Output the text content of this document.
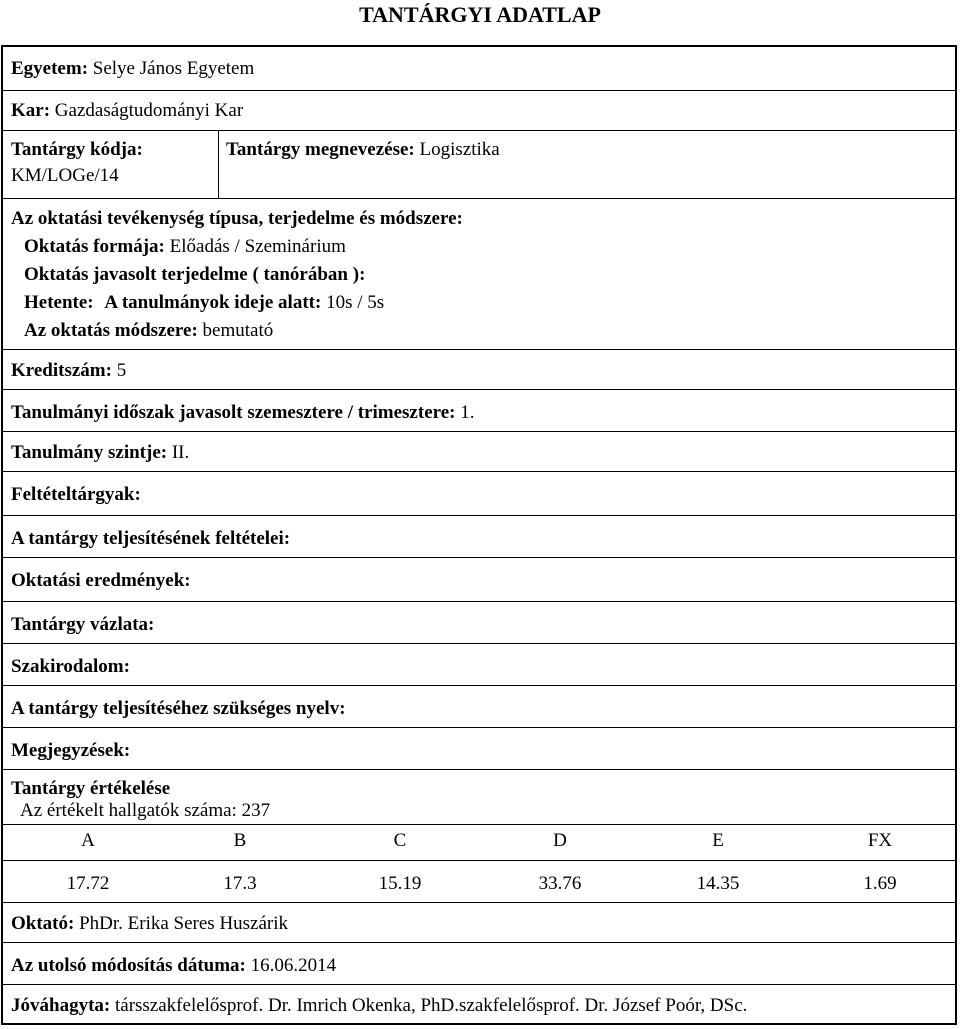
TANTÁRGYI ADATLAP
Egyetem: Selye János Egyetem
Kar: Gazdaságtudományi Kar
Tantárgy kódja:
KM/LOGe/14
Tantárgy megnevezése: Logisztika
Az oktatási tevékenység típusa, terjedelme és módszere:
Oktatás formája: Előadás / Szeminárium
Oktatás javasolt terjedelme ( tanórában ):
Hetente: A tanulmányok ideje alatt: 10s / 5s
Az oktatás módszere: bemutató
Kreditszám: 5
Tanulmányi időszak javasolt szemesztere / trimesztere: 1.
Tanulmány szintje: II.
Feltételtárgyak:
A tantárgy teljesítésének feltételei:
Oktatási eredmények:
Tantárgy vázlata:
Szakirodalom:
A tantárgy teljesítéséhez szükséges nyelv:
Megjegyzések:
Tantárgy értékelése
Az értékelt hallgatók száma: 237
A	B	C	D	E	FX
17.72	17.3	15.19	33.76	14.35	1.69
Oktató: PhDr. Erika Seres Huszárik
Az utolsó módosítás dátuma: 16.06.2014
Jóváhagyta: társszakfelelősprof. Dr. Imrich Okenka, PhD.szakfelelősprof. Dr. József Poór, DSc.
